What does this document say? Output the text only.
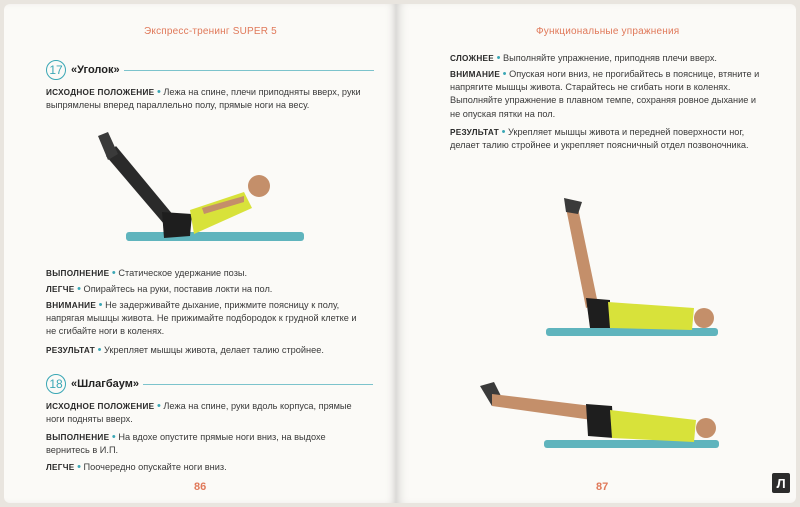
Экспресс-тренинг SUPER 5
17 «Уголок»
ИСХОДНОЕ ПОЛОЖЕНИЕ • Лежа на спине, плечи приподняты вверх, руки выпрямлены вперед параллельно полу, прямые ноги на весу.
ВЫПОЛНЕНИЕ • Статическое удержание позы.
ЛЕГЧЕ • Опирайтесь на руки, поставив локти на пол.
ВНИМАНИЕ • Не задерживайте дыхание, прижмите поясницу к полу, напрягая мышцы живота. Не прижимайте подбородок к грудной клетке и не сгибайте ноги в коленях.
РЕЗУЛЬТАТ • Укрепляет мышцы живота, делает талию стройнее.
18 «Шлагбаум»
ИСХОДНОЕ ПОЛОЖЕНИЕ • Лежа на спине, руки вдоль корпуса, прямые ноги подняты вверх.
ВЫПОЛНЕНИЕ • На вдохе опустите прямые ноги вниз, на выдохе вернитесь в И.П.
ЛЕГЧЕ • Поочередно опускайте ноги вниз.
86
Функциональные упражнения
СЛОЖНЕЕ • Выполняйте упражнение, приподняв плечи вверх.
ВНИМАНИЕ • Опуская ноги вниз, не прогибайтесь в пояснице, втяните и напрягите мышцы живота. Старайтесь не сгибать ноги в коленях. Выполняйте упражнение в плавном темпе, сохраняя ровное дыхание и не опуская пятки на пол.
РЕЗУЛЬТАТ • Укрепляет мышцы живота и передней поверхности ног, делает талию стройнее и укрепляет поясничный отдел позвоночника.
87	Л
